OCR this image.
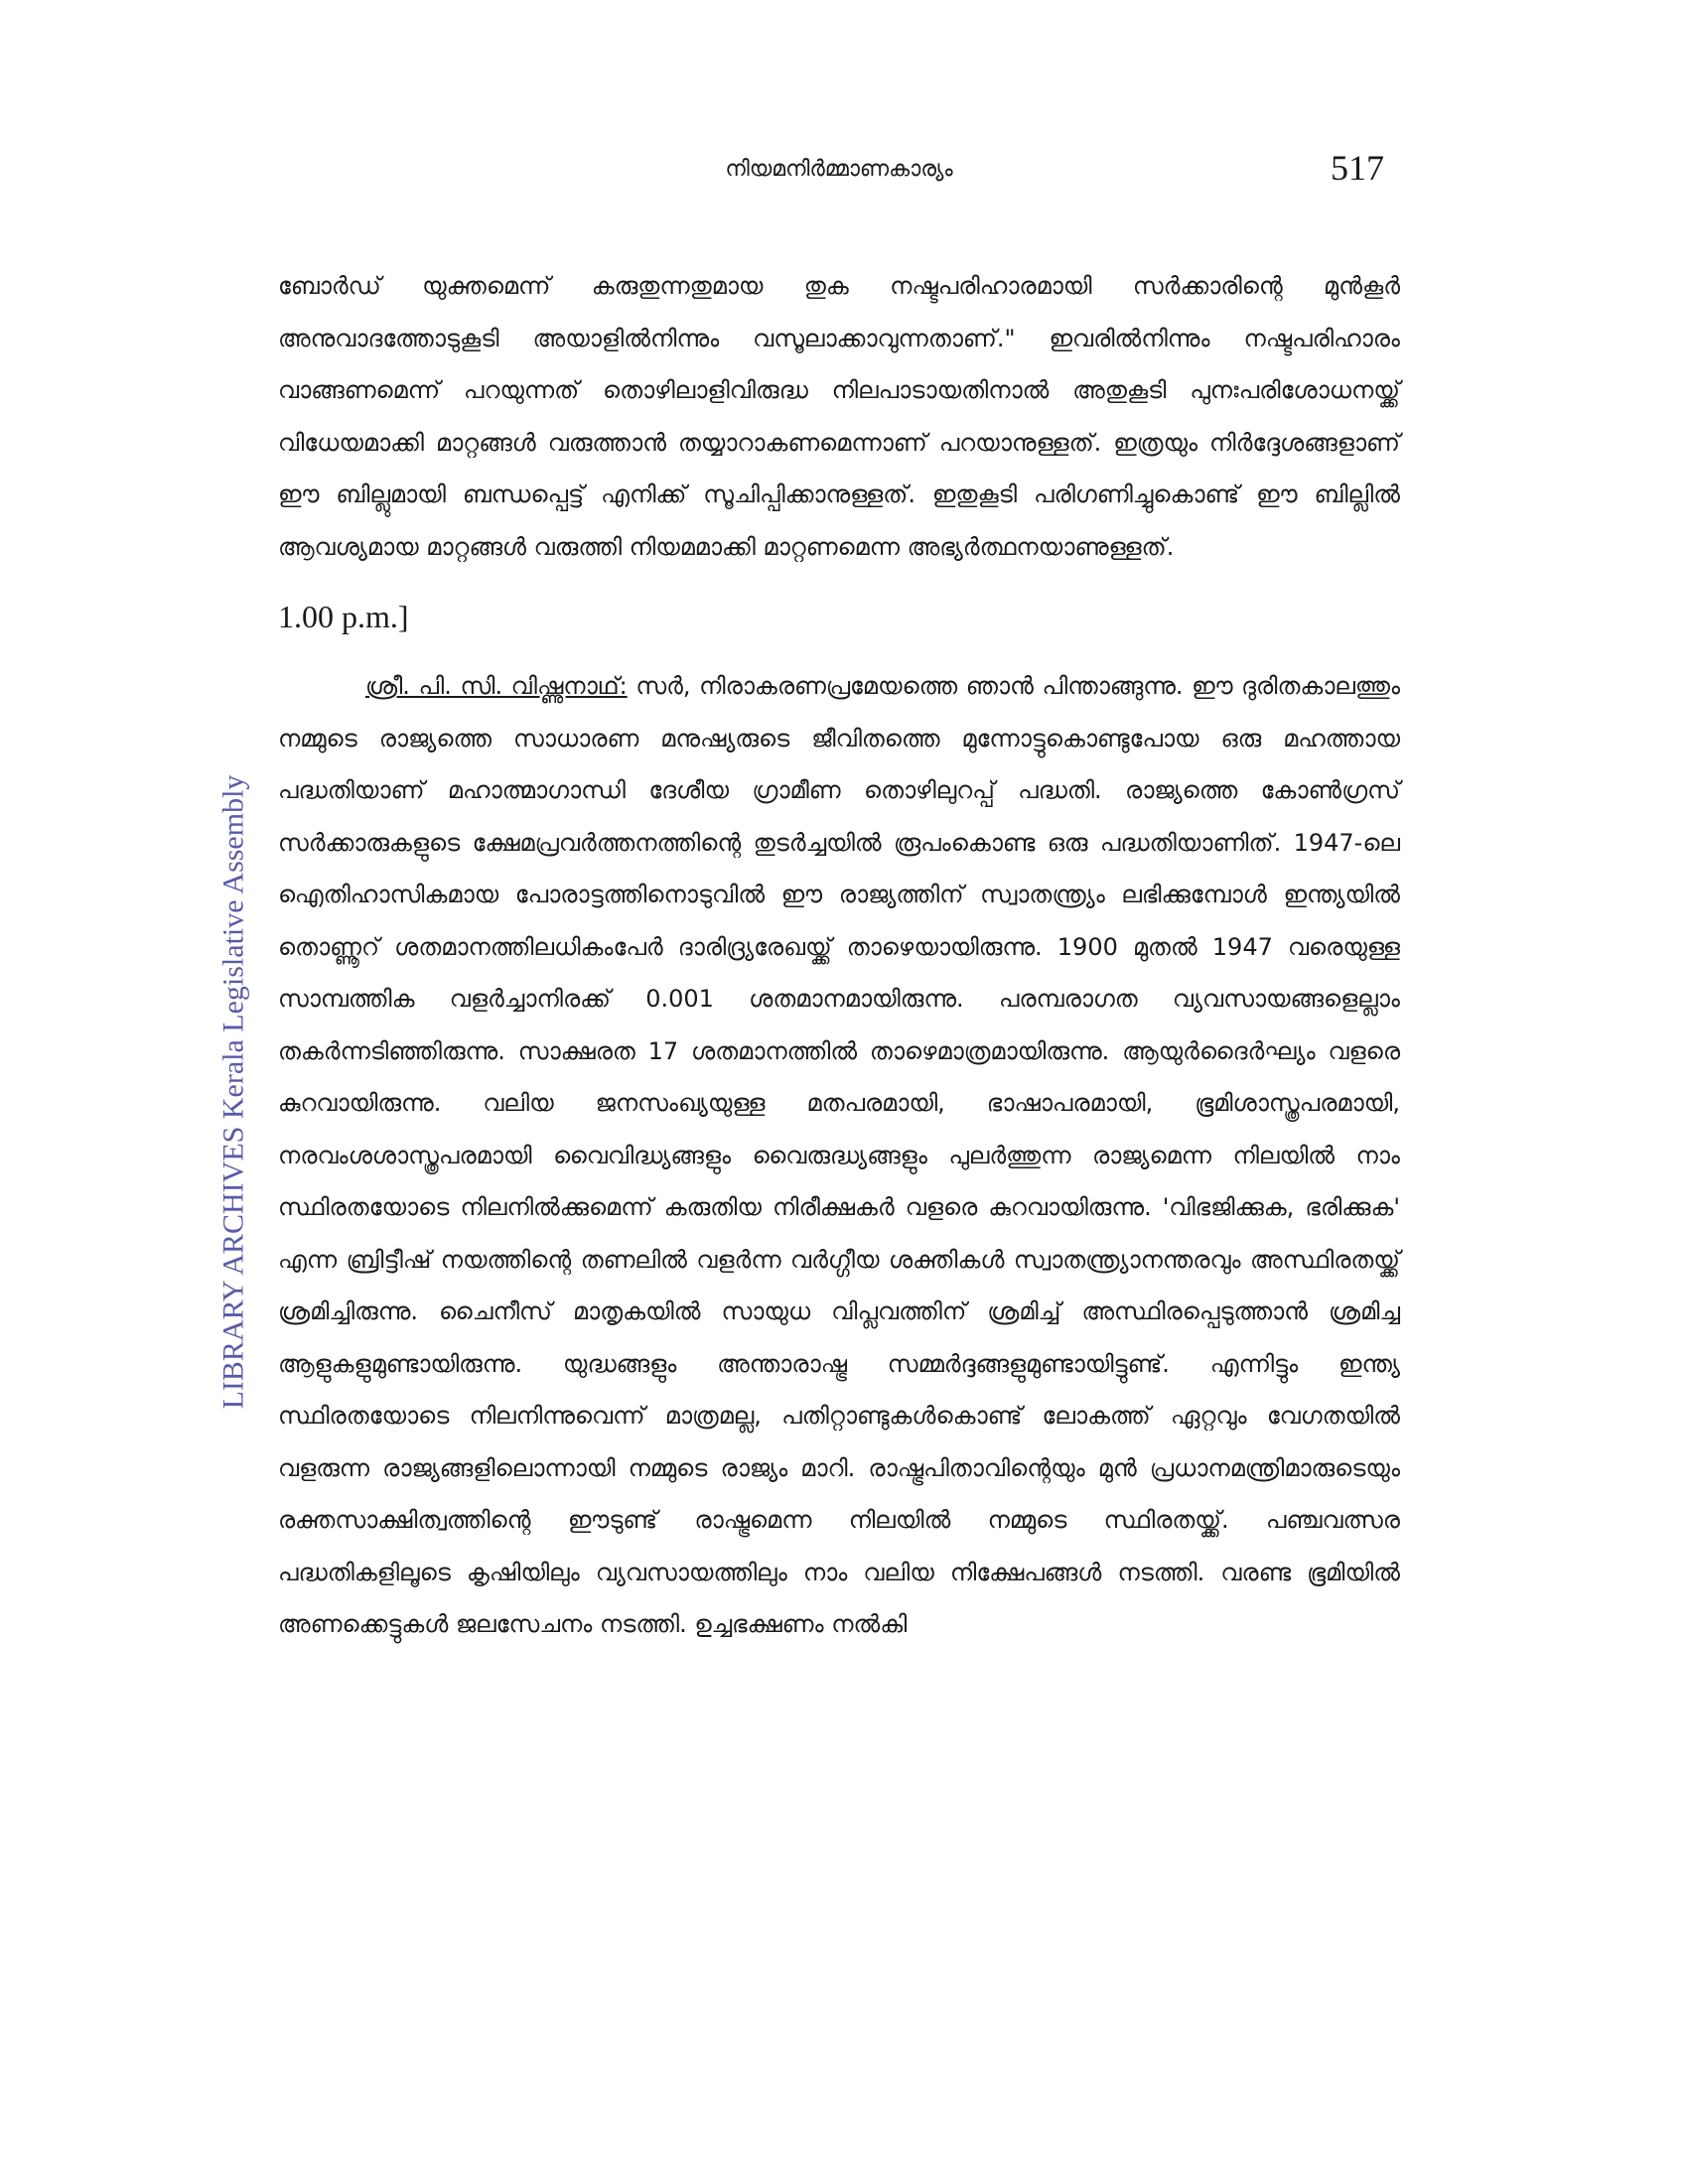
നിയമനിർമ്മാണകാര്യം	517
LIBRARY ARCHIVES Kerala Legislative Assembly

ബോർഡ് യുക്തമെന്ന് കരുതുന്നതുമായ തുക നഷ്ടപരിഹാരമായി സർക്കാരിന്റെ മുൻകൂർ അനുവാദത്തോടുകൂടി അയാളിൽനിന്നും വസൂലാക്കാവുന്നതാണ്." ഇവരിൽനിന്നും നഷ്ടപരിഹാരം വാങ്ങണമെന്ന് പറയുന്നത് തൊഴിലാളിവിരുദ്ധ നിലപാടായതിനാൽ അതുകൂടി പുനഃപരിശോധനയ്ക്ക് വിധേയമാക്കി മാറ്റങ്ങൾ വരുത്താൻ തയ്യാറാകണമെന്നാണ് പറയാനുള്ളത്. ഇത്രയും നിർദ്ദേശങ്ങളാണ് ഈ ബില്ലുമായി ബന്ധപ്പെട്ട് എനിക്ക് സൂചിപ്പിക്കാനുള്ളത്. ഇതുകൂടി പരിഗണിച്ചുകൊണ്ട് ഈ ബില്ലിൽ ആവശ്യമായ മാറ്റങ്ങൾ വരുത്തി നിയമമാക്കി മാറ്റണമെന്ന അഭ്യർത്ഥനയാണുള്ളത്.

1.00 p.m.]

ശ്രീ. പി. സി. വിഷ്ണുനാഥ്: സർ, നിരാകരണപ്രമേയത്തെ ഞാൻ പിന്താങ്ങുന്നു. ഈ ദുരിതകാലത്തും നമ്മുടെ രാജ്യത്തെ സാധാരണ മനുഷ്യരുടെ ജീവിതത്തെ മുന്നോട്ടുകൊണ്ടുപോയ ഒരു മഹത്തായ പദ്ധതിയാണ് മഹാത്മാഗാന്ധി ദേശീയ ഗ്രാമീണ തൊഴിലുറപ്പ് പദ്ധതി. രാജ്യത്തെ കോൺഗ്രസ് സർക്കാരുകളുടെ ക്ഷേമപ്രവർത്തനത്തിന്റെ തുടർച്ചയിൽ രൂപംകൊണ്ട ഒരു പദ്ധതിയാണിത്. 1947-ലെ ഐതിഹാസികമായ പോരാട്ടത്തിനൊടുവിൽ ഈ രാജ്യത്തിന് സ്വാതന്ത്ര്യം ലഭിക്കുമ്പോൾ ഇന്ത്യയിൽ തൊണ്ണൂറ് ശതമാനത്തിലധികംപേർ ദാരിദ്ര്യരേഖയ്ക്ക് താഴെയായിരുന്നു. 1900 മുതൽ 1947 വരെയുള്ള സാമ്പത്തിക വളർച്ചാനിരക്ക് 0.001 ശതമാനമായിരുന്നു. പരമ്പരാഗത വ്യവസായങ്ങളെല്ലാം തകർന്നടിഞ്ഞിരുന്നു. സാക്ഷരത 17 ശതമാനത്തിൽ താഴെമാത്രമായിരുന്നു. ആയുർദൈർഘ്യം വളരെ കുറവായിരുന്നു. വലിയ ജനസംഖ്യയുള്ള മതപരമായി, ഭാഷാപരമായി, ഭൂമിശാസ്ത്രപരമായി, നരവംശശാസ്ത്രപരമായി വൈവിദ്ധ്യങ്ങളും വൈരുദ്ധ്യങ്ങളും പുലർത്തുന്ന രാജ്യമെന്ന നിലയിൽ നാം സ്ഥിരതയോടെ നിലനിൽക്കുമെന്ന് കരുതിയ നിരീക്ഷകർ വളരെ കുറവായിരുന്നു. 'വിഭജിക്കുക, ഭരിക്കുക' എന്ന ബ്രിട്ടീഷ് നയത്തിന്റെ തണലിൽ വളർന്ന വർഗ്ഗീയ ശക്തികൾ സ്വാതന്ത്ര്യാനന്തരവും അസ്ഥിരതയ്ക്ക് ശ്രമിച്ചിരുന്നു. ചൈനീസ് മാതൃകയിൽ സായുധ വിപ്ലവത്തിന് ശ്രമിച്ച് അസ്ഥിരപ്പെടുത്താൻ ശ്രമിച്ച ആളുകളുമുണ്ടായിരുന്നു. യുദ്ധങ്ങളും അന്താരാഷ്ട്ര സമ്മർദ്ദങ്ങളുമുണ്ടായിട്ടുണ്ട്. എന്നിട്ടും ഇന്ത്യ സ്ഥിരതയോടെ നിലനിന്നുവെന്ന് മാത്രമല്ല, പതിറ്റാണ്ടുകൾകൊണ്ട് ലോകത്ത് ഏറ്റവും വേഗതയിൽ വളരുന്ന രാജ്യങ്ങളിലൊന്നായി നമ്മുടെ രാജ്യം മാറി. രാഷ്ട്രപിതാവിന്റെയും മുൻ പ്രധാനമന്ത്രിമാരുടെയും രക്തസാക്ഷിത്വത്തിന്റെ ഈടുണ്ട് രാഷ്ട്രമെന്ന നിലയിൽ നമ്മുടെ സ്ഥിരതയ്ക്ക്. പഞ്ചവത്സര പദ്ധതികളിലൂടെ കൃഷിയിലും വ്യവസായത്തിലും നാം വലിയ നിക്ഷേപങ്ങൾ നടത്തി. വരണ്ട ഭൂമിയിൽ അണക്കെട്ടുകൾ ജലസേചനം നടത്തി. ഉച്ചഭക്ഷണം നൽകി
